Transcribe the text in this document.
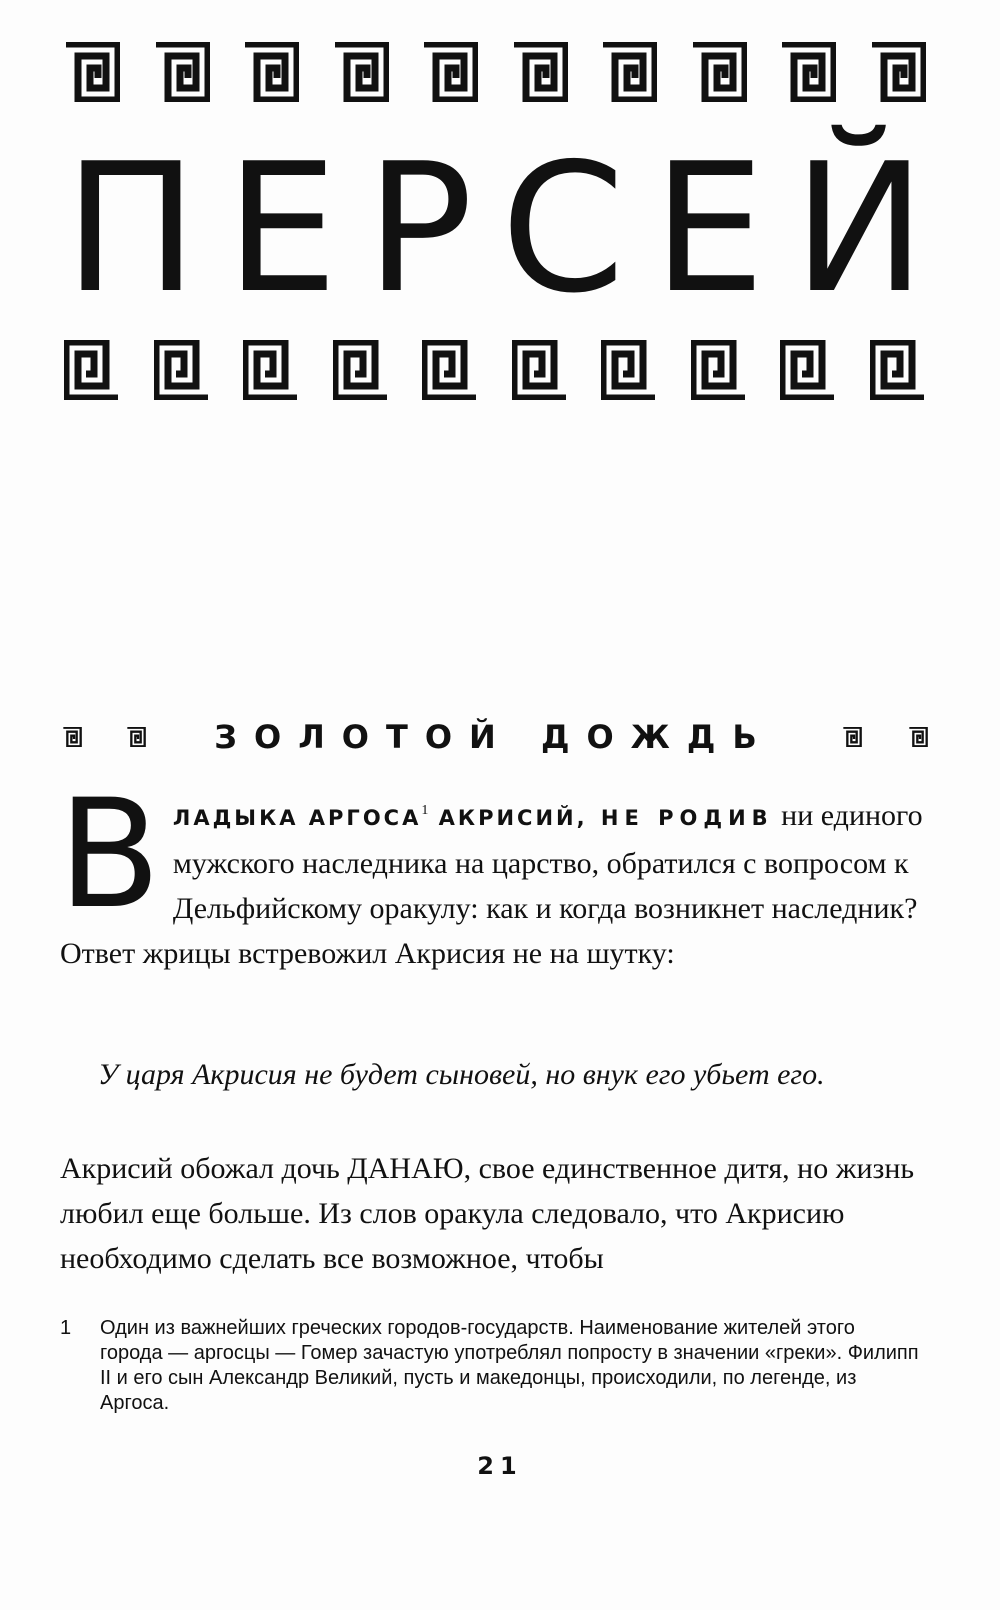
П Е Р С Е Й
ЗОЛОТОЙ ДОЖДЬ
ВЛАДЫКА АРГОСА$^1$ АКРИСИЙ, НЕ РОДИВ ни единого мужского наследника на царство, обратился с вопросом к Дельфийскому оракулу: как и когда возникнет наследник? Ответ жрицы встревожил Акрисия не на шутку:
У царя Акрисия не будет сыновей, но внук его убьет его.
Акрисий обожал дочь ДАНАЮ, свое единственное дитя, но жизнь любил еще больше. Из слов оракула следовало, что Акрисию необходимо сделать все возможное, чтобы
1	Один из важнейших греческих городов-государств. Наименование жителей этого города — аргосцы — Гомер зачастую употреблял попросту в значении «греки». Филипп II и его сын Александр Великий, пусть и македонцы, происходили, по легенде, из Аргоса.
21
